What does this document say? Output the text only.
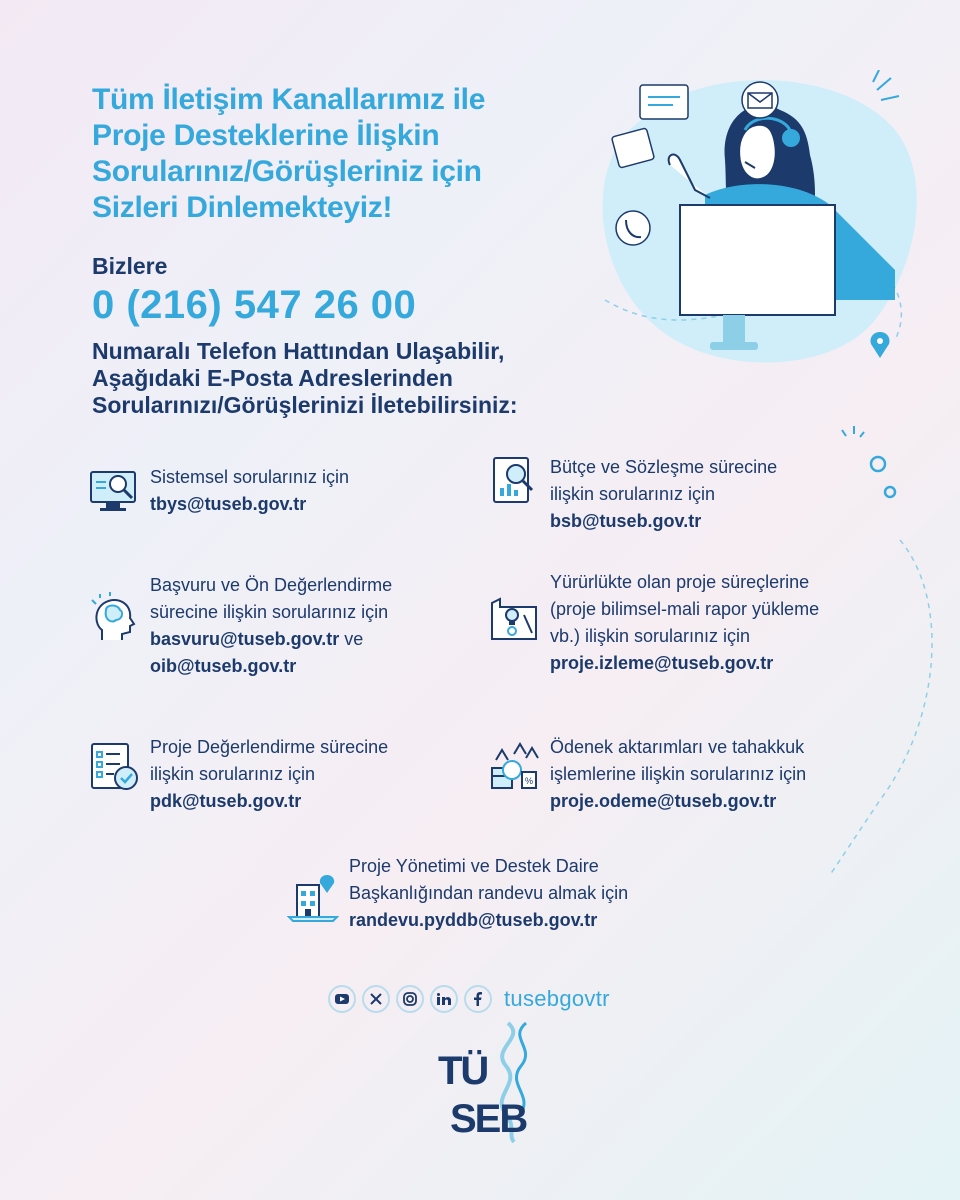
Tüm İletişim Kanallarımız ile
Proje Desteklerine İlişkin
Sorularınız/Görüşleriniz için
Sizleri Dinlemekteyiz!
Bizlere
0 (216) 547 26 00

Numaralı Telefon Hattından Ulaşabilir,
Aşağıdaki E-Posta Adreslerinden
Sorularınızı/Görüşlerinizi İletebilirsiniz:

Sistemsel sorularınız için
tbys@tuseb.gov.tr
Bütçe ve Sözleşme sürecine
ilişkin sorularınız için
bsb@tuseb.gov.tr
Başvuru ve Ön Değerlendirme
sürecine ilişkin sorularınız için
basvuru@tuseb.gov.tr ve
oib@tuseb.gov.tr
Yürürlükte olan proje süreçlerine
(proje bilimsel-mali rapor yükleme
vb.) ilişkin sorularınız için
proje.izleme@tuseb.gov.tr
Proje Değerlendirme sürecine
ilişkin sorularınız için
pdk@tuseb.gov.tr
%
Ödenek aktarımları ve tahakkuk
işlemlerine ilişkin sorularınız için
proje.odeme@tuseb.gov.tr
Proje Yönetimi ve Destek Daire
Başkanlığından randevu almak için
randevu.pyddb@tuseb.gov.tr
tusebgovtr
TÜ
SEB
